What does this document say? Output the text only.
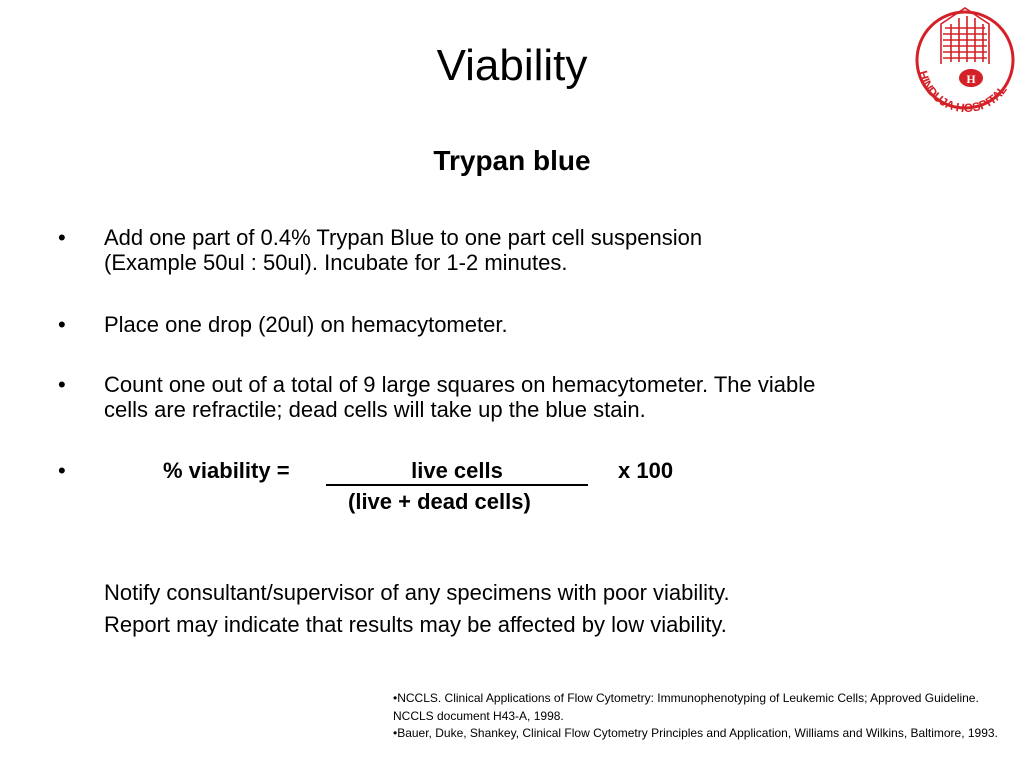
H
HINDUJA HOSPITAL
Viability
Trypan blue
• Add one part of 0.4% Trypan Blue to one part cell suspension
(Example 50ul : 50ul). Incubate for 1-2 minutes.
• Place one drop (20ul) on hemacytometer.
• Count one out of a total of 9 large squares on hemacytometer. The viable
cells are refractile; dead cells will take up the blue stain.
•	% viability =	live cells	x 100
(live + dead cells)
Notify consultant/supervisor of any specimens with poor viability.
Report may indicate that results may be affected by low viability.
•NCCLS. Clinical Applications of Flow Cytometry: Immunophenotyping of Leukemic Cells; Approved Guideline. NCCLS document H43-A, 1998.
•Bauer, Duke, Shankey, Clinical Flow Cytometry Principles and Application, Williams and Wilkins, Baltimore, 1993.
